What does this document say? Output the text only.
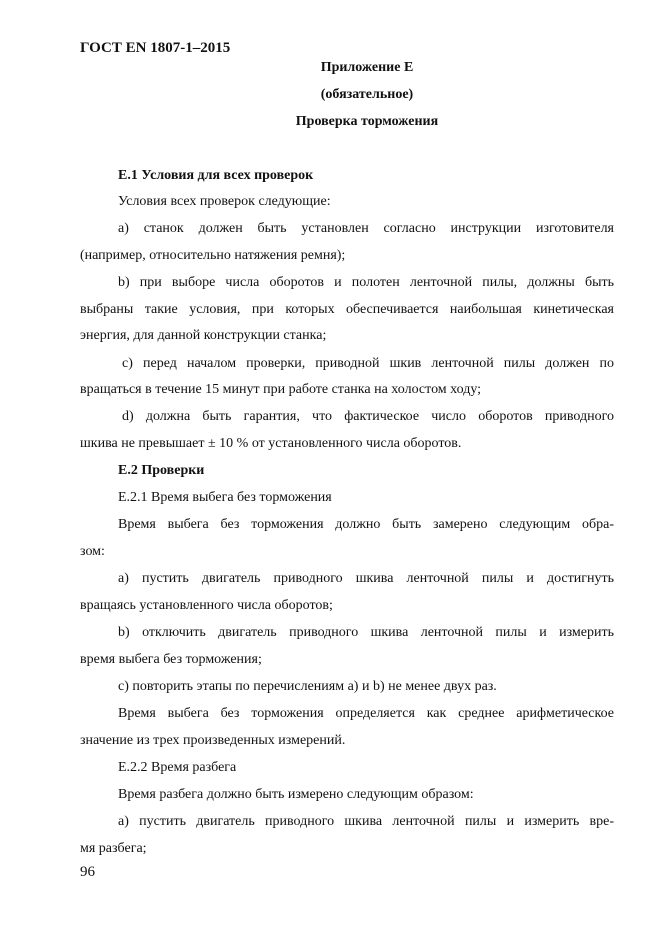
ГОСТ EN 1807-1–2015
Приложение Е
(обязательное)
Проверка торможения
Е.1 Условия для всех проверок
Условия всех проверок следующие:
а) станок должен быть установлен согласно инструкции изготовителя
(например, относительно натяжения ремня);
b) при выборе числа оборотов и полотен ленточной пилы, должны быть
выбраны такие условия, при которых обеспечивается наибольшая кинетическая
энергия, для данной конструкции станка;
с) перед началом проверки, приводной шкив ленточной пилы должен по
вращаться в течение 15 минут при работе станка на холостом ходу;
d) должна быть гарантия, что фактическое число оборотов приводного
шкива не превышает ± 10 % от установленного числа оборотов.
Е.2 Проверки
Е.2.1 Время выбега без торможения
Время выбега без торможения должно быть замерено следующим обра-
зом:
а) пустить двигатель приводного шкива ленточной пилы и достигнуть
вращаясь установленного числа оборотов;
b) отключить двигатель приводного шкива ленточной пилы и измерить
время выбега без торможения;
с) повторить этапы по перечислениям а) и b) не менее двух раз.
Время выбега без торможения определяется как среднее арифметическое
значение из трех произведенных измерений.
Е.2.2 Время разбега
Время разбега должно быть измерено следующим образом:
а) пустить двигатель приводного шкива ленточной пилы и измерить вре-
мя разбега;
96
